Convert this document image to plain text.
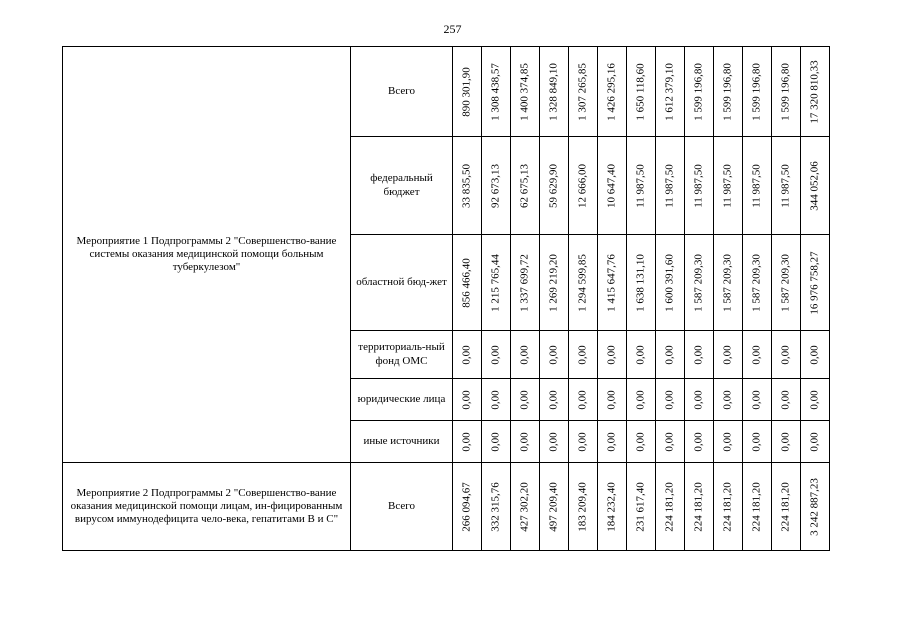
257
Мероприятие 1 Подпрограммы 2 "Совершенство-вание системы оказания медицинской помощи больным туберкулезом"	Всего	890 301,90	1 308 438,57	1 400 374,85	1 328 849,10	1 307 265,85	1 426 295,16	1 650 118,60	1 612 379,10	1 599 196,80	1 599 196,80	1 599 196,80	1 599 196,80	17 320 810,33

	федеральный бюджет	33 835,50	92 673,13	62 675,13	59 629,90	12 666,00	10 647,40	11 987,50	11 987,50	11 987,50	11 987,50	11 987,50	11 987,50	344 052,06

	областной бюд-жет	856 466,40	1 215 765,44	1 337 699,72	1 269 219,20	1 294 599,85	1 415 647,76	1 638 131,10	1 600 391,60	1 587 209,30	1 587 209,30	1 587 209,30	1 587 209,30	16 976 758,27

	территориаль-ный фонд ОМС	0,00	0,00	0,00	0,00	0,00	0,00	0,00	0,00	0,00	0,00	0,00	0,00	0,00

	юридические лица	0,00	0,00	0,00	0,00	0,00	0,00	0,00	0,00	0,00	0,00	0,00	0,00	0,00

	иные источники	0,00	0,00	0,00	0,00	0,00	0,00	0,00	0,00	0,00	0,00	0,00	0,00	0,00

Мероприятие 2 Подпрограммы 2 "Совершенство-вание оказания медицинской помощи лицам, ин-фицированным вирусом иммунодефицита чело-века, гепатитами В и С"	Всего	266 094,67	332 315,76	427 302,20	497 209,40	183 209,40	184 232,40	231 617,40	224 181,20	224 181,20	224 181,20	224 181,20	224 181,20	3 242 887,23
